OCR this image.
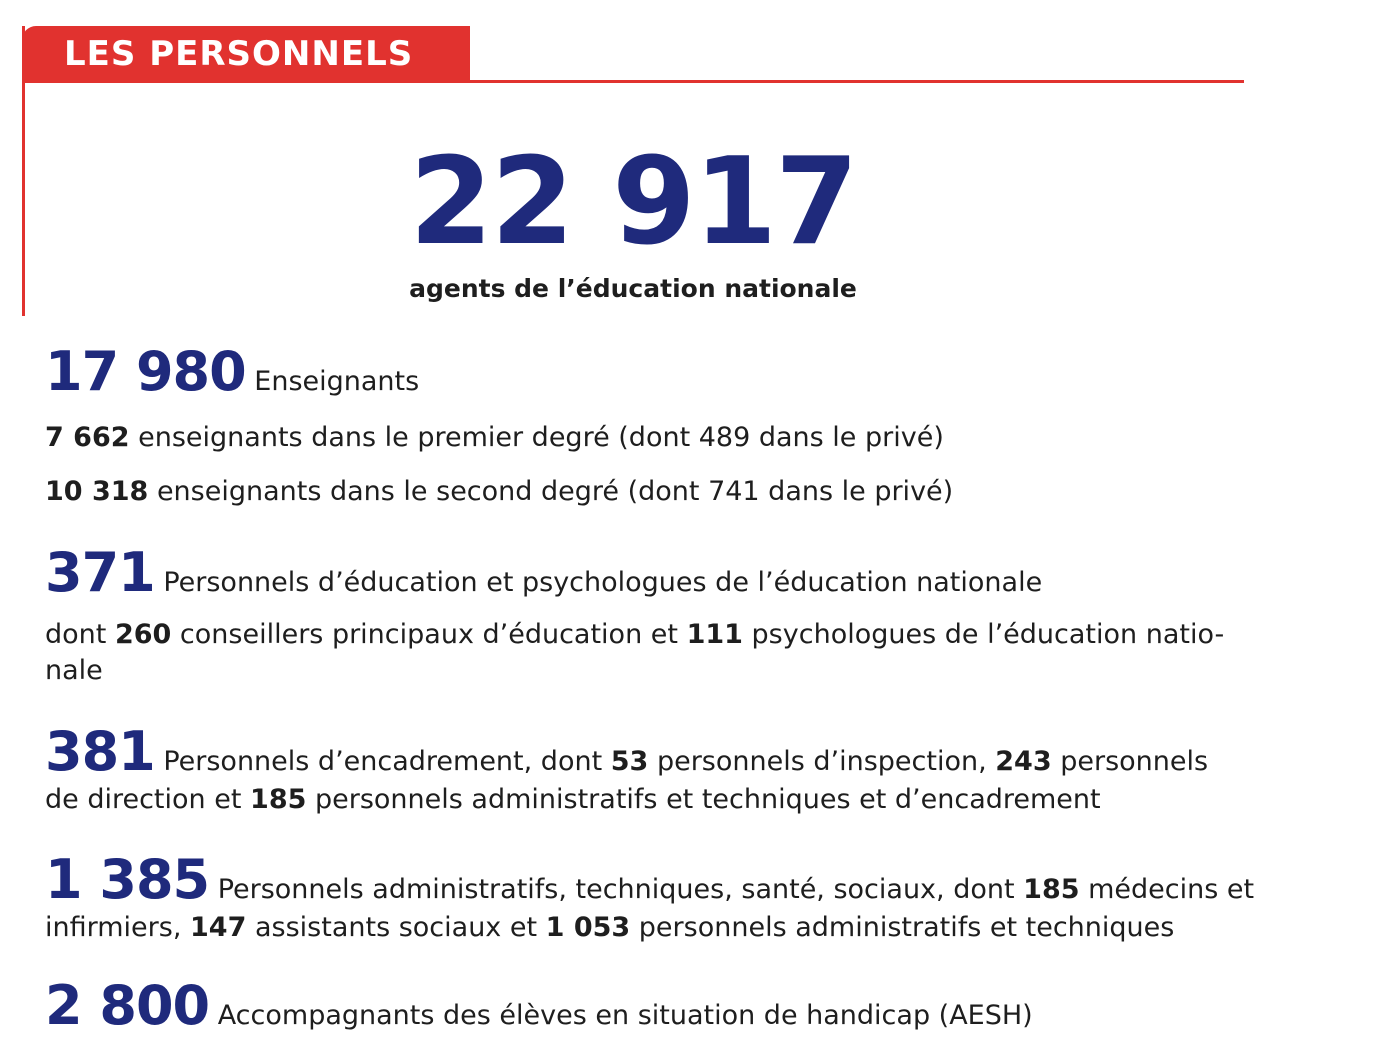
LES PERSONNELS
22 917
agents de l’éducation nationale
17 980 Enseignants
7 662 enseignants dans le premier degré (dont 489 dans le privé)
10 318 enseignants dans le second degré (dont 741 dans le privé)
371 Personnels d’éducation et psychologues de l’éducation nationale
dont 260 conseillers principaux d’éducation et 111 psychologues de l’éducation natio-
nale
381 Personnels d’encadrement, dont 53 personnels d’inspection, 243 personnels
de direction et 185 personnels administratifs et techniques et d’encadrement
1 385 Personnels administratifs, techniques, santé, sociaux, dont 185 médecins et
infirmiers, 147 assistants sociaux et 1 053 personnels administratifs et techniques
2 800 Accompagnants des élèves en situation de handicap (AESH)
